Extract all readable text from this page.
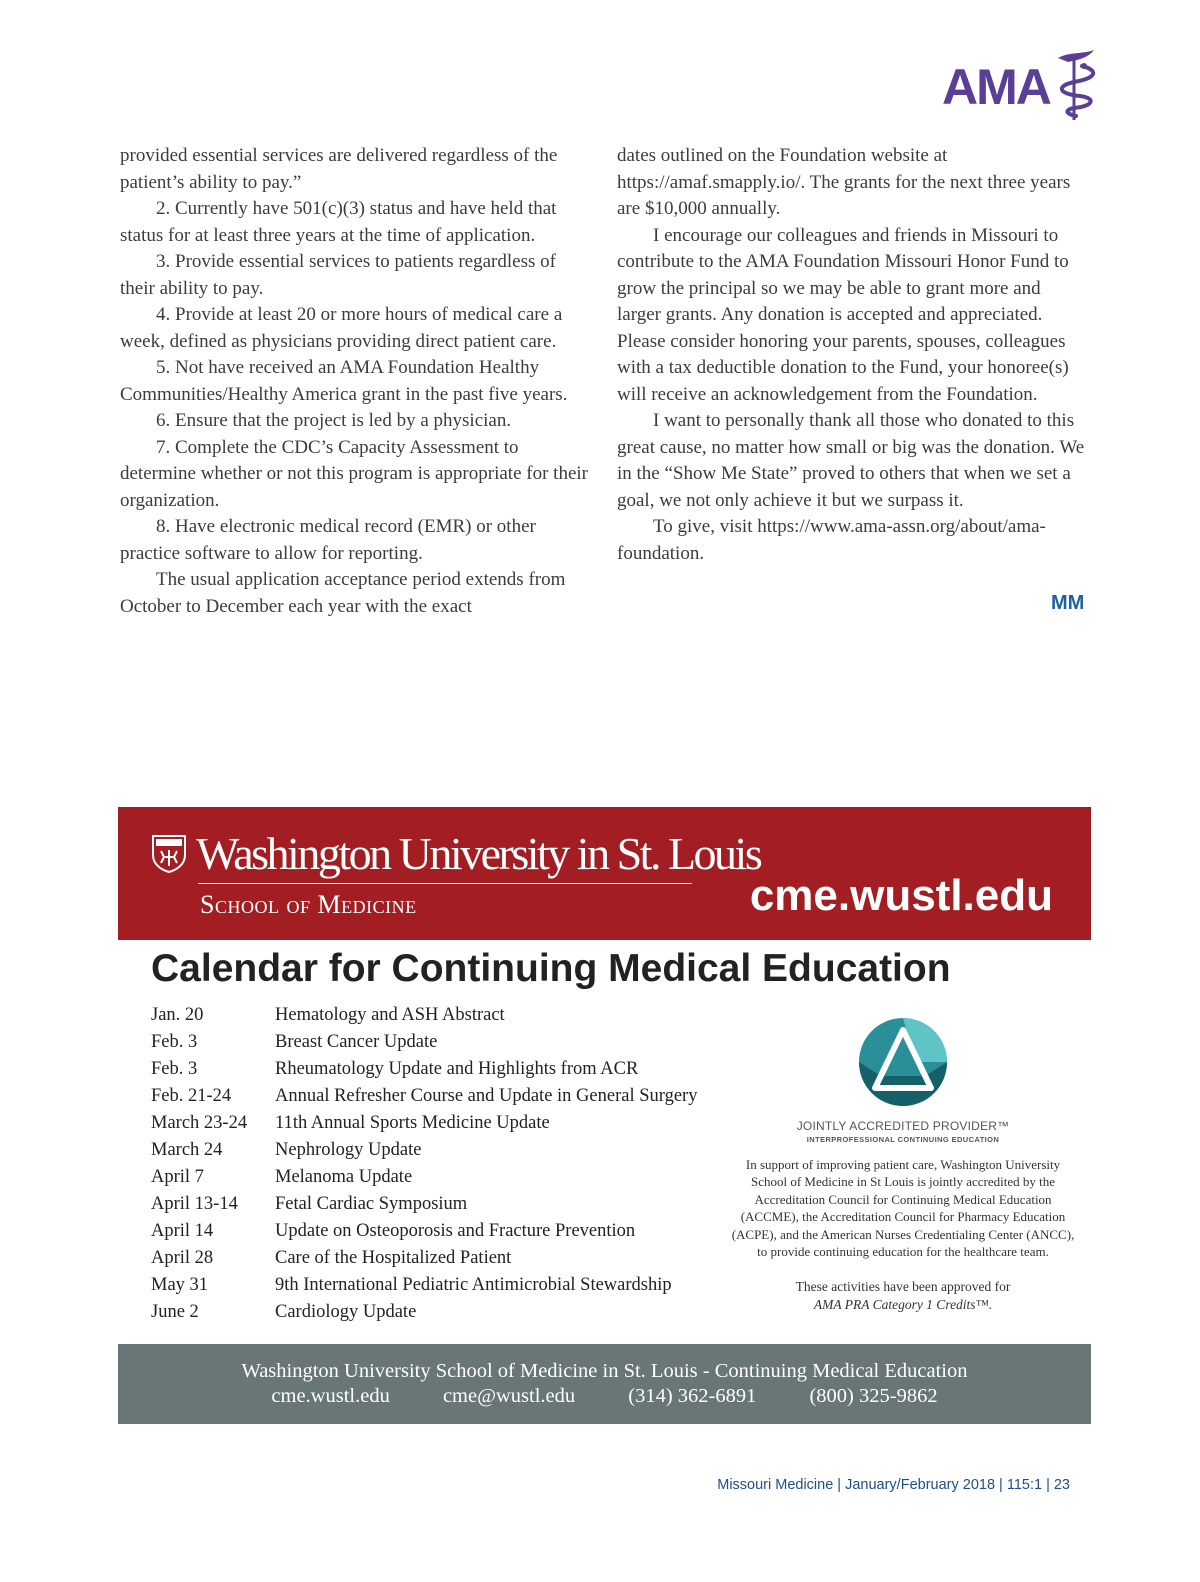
AMA

provided essential services are delivered regardless of the patient’s ability to pay.”

2. Currently have 501(c)(3) status and have held that status for at least three years at the time of application.

3. Provide essential services to patients regardless of their ability to pay.

4. Provide at least 20 or more hours of medical care a week, defined as physicians providing direct patient care.

5. Not have received an AMA Foundation Healthy Communities/Healthy America grant in the past five years.

6. Ensure that the project is led by a physician.

7. Complete the CDC’s Capacity Assessment to determine whether or not this program is appropriate for their organization.

8. Have electronic medical record (EMR) or other practice software to allow for reporting.

The usual application acceptance period extends from October to December each year with the exact

dates outlined on the Foundation website at https://amaf.smapply.io/. The grants for the next three years are $10,000 annually.

I encourage our colleagues and friends in Missouri to contribute to the AMA Foundation Missouri Honor Fund to grow the principal so we may be able to grant more and larger grants. Any donation is accepted and appreciated. Please consider honoring your parents, spouses, colleagues with a tax deductible donation to the Fund, your honoree(s) will receive an acknowledgement from the Foundation.

I want to personally thank all those who donated to this great cause, no matter how small or big was the donation. We in the “Show Me State” proved to others that when we set a goal, we not only achieve it but we surpass it.

To give, visit https://www.ama-assn.org/about/ama-foundation.

MM
Washington University in St. Louis
School of Medicine	cme.wustl.edu
Calendar for Continuing Medical Education
Jan. 20	Hematology and ASH Abstract
Feb. 3	Breast Cancer Update
Feb. 3	Rheumatology Update and Highlights from ACR
Feb. 21-24	Annual Refresher Course and Update in General Surgery
March 23-24	11th Annual Sports Medicine Update
March 24	Nephrology Update
April 7	Melanoma Update
April 13-14	Fetal Cardiac Symposium
April 14	Update on Osteoporosis and Fracture Prevention
April 28	Care of the Hospitalized Patient
May 31	9th International Pediatric Antimicrobial Stewardship
June 2	Cardiology Update
JOINTLY ACCREDITED PROVIDER™
INTERPROFESSIONAL CONTINUING EDUCATION
In support of improving patient care, Washington University School of Medicine in St Louis is jointly accredited by the Accreditation Council for Continuing Medical Education (ACCME), the Accreditation Council for Pharmacy Education (ACPE), and the American Nurses Credentialing Center (ANCC), to provide continuing education for the healthcare team.
These activities have been approved for
AMA PRA Category 1 Credits™.
Washington University School of Medicine in St. Louis - Continuing Medical Education
cme.wustl.edu	cme@wustl.edu	(314) 362-6891	(800) 325-9862
Missouri Medicine | January/February 2018 | 115:1 | 23
